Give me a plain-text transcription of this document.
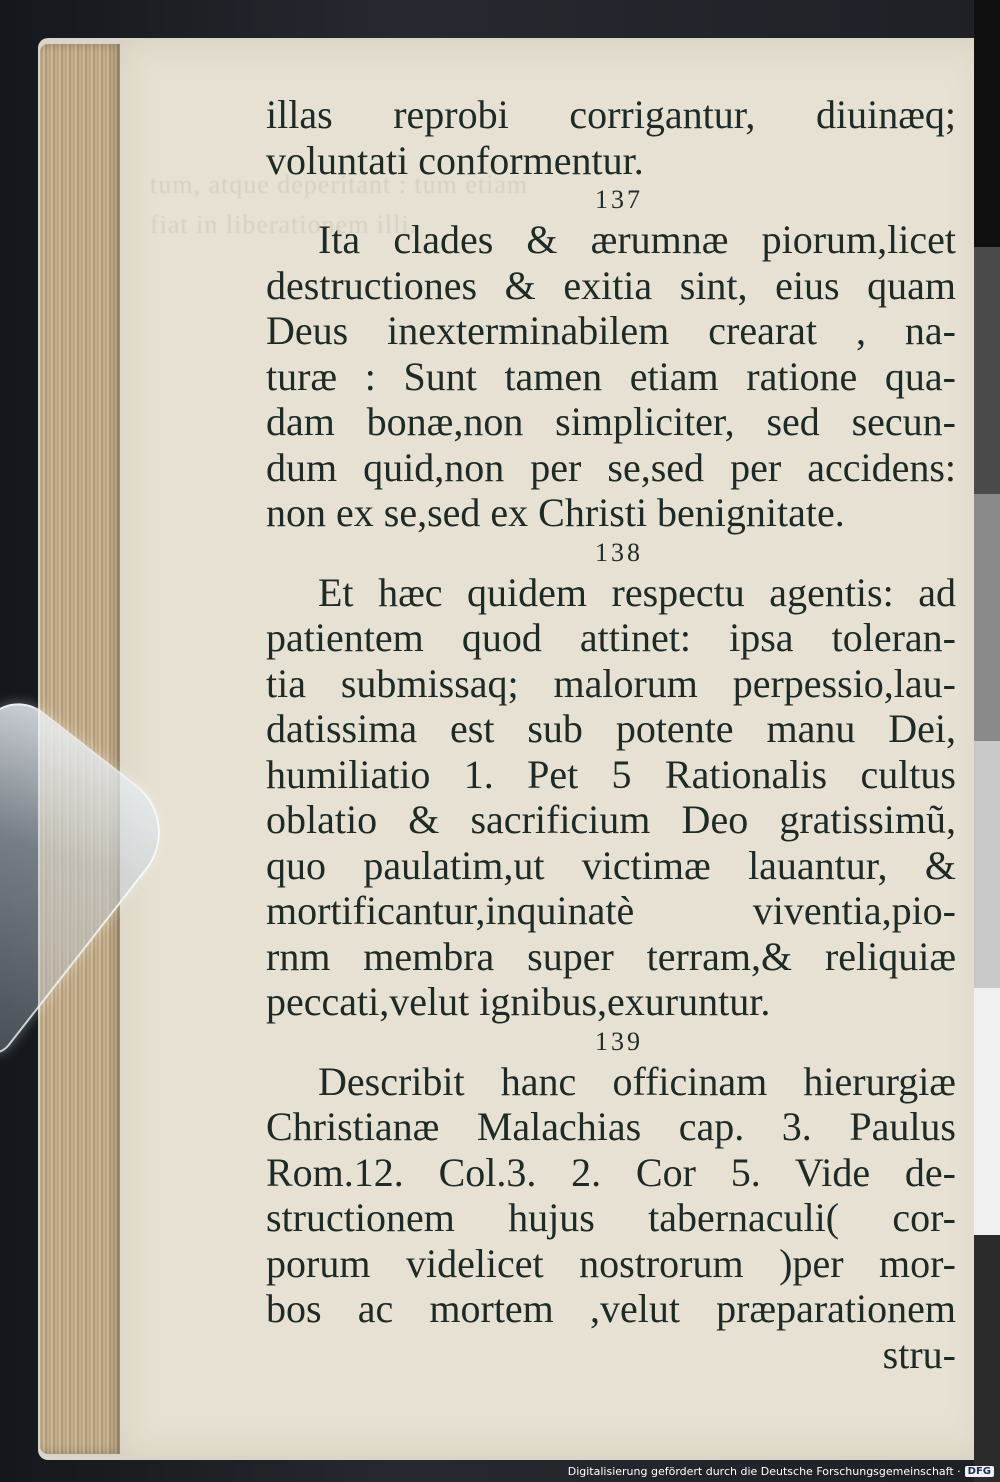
tum, atque deperitant : tum etiam
fiat in liberationem illi.
illas reprobi corrigantur, diuinæq;
voluntati conformentur.
137
Ita clades & ærumnæ piorum,licet
destructiones & exitia sint, eius quam
Deus inexterminabilem crearat , na-
turæ : Sunt tamen etiam ratione qua-
dam bonæ,non simpliciter, sed secun-
dum quid,non per se,sed per accidens:
non ex se,sed ex Christi benignitate.
138
Et hæc quidem respectu agentis: ad
patientem quod attinet: ipsa toleran-
tia submissaq; malorum perpessio,lau-
datissima est sub potente manu Dei,
humiliatio 1. Pet 5 Rationalis cultus
oblatio & sacrificium Deo gratissimũ,
quo paulatim,ut victimæ lauantur, &
mortificantur,inquinatè viventia,pio-
rnm membra super terram,& reliquiæ
peccati,velut ignibus,exuruntur.
139
Describit hanc officinam hierurgiæ
Christianæ Malachias cap. 3. Paulus
Rom.12. Col.3. 2. Cor 5. Vide de-
structionem hujus tabernaculi( cor-
porum videlicet nostrorum )per mor-
bos ac mortem ,velut præparationem
stru-
Digitalisierung gefördert durch die Deutsche Forschungsgemeinschaft · DFG
